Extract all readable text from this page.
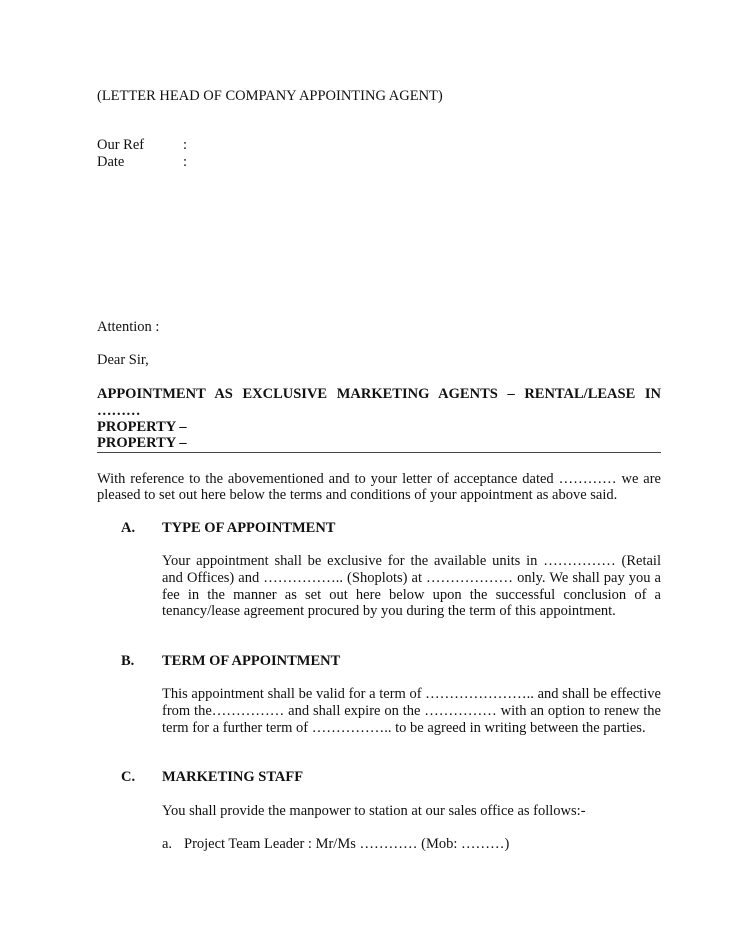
(LETTER HEAD OF COMPANY APPOINTING AGENT)
Our Ref	:
Date	:
Attention :
Dear Sir,
APPOINTMENT AS EXCLUSIVE MARKETING AGENTS – RENTAL/LEASE IN
………
PROPERTY –
PROPERTY –
With reference to the abovementioned and to your letter of acceptance dated ………… we are
pleased to set out here below the terms and conditions of your appointment as above said.
A. TYPE OF APPOINTMENT
Your appointment shall be exclusive for the available units in …………… (Retail
and Offices) and …………….. (Shoplots) at ……………… only. We shall pay you a
fee in the manner as set out here below upon the successful conclusion of a
tenancy/lease agreement procured by you during the term of this appointment.
B. TERM OF APPOINTMENT
This appointment shall be valid for a term of ………………….. and shall be effective
from the…………… and shall expire on the …………… with an option to renew the
term for a further term of …………….. to be agreed in writing between the parties.
C. MARKETING STAFF
You shall provide the manpower to station at our sales office as follows:-
a. Project Team Leader : Mr/Ms ………… (Mob: ………)
